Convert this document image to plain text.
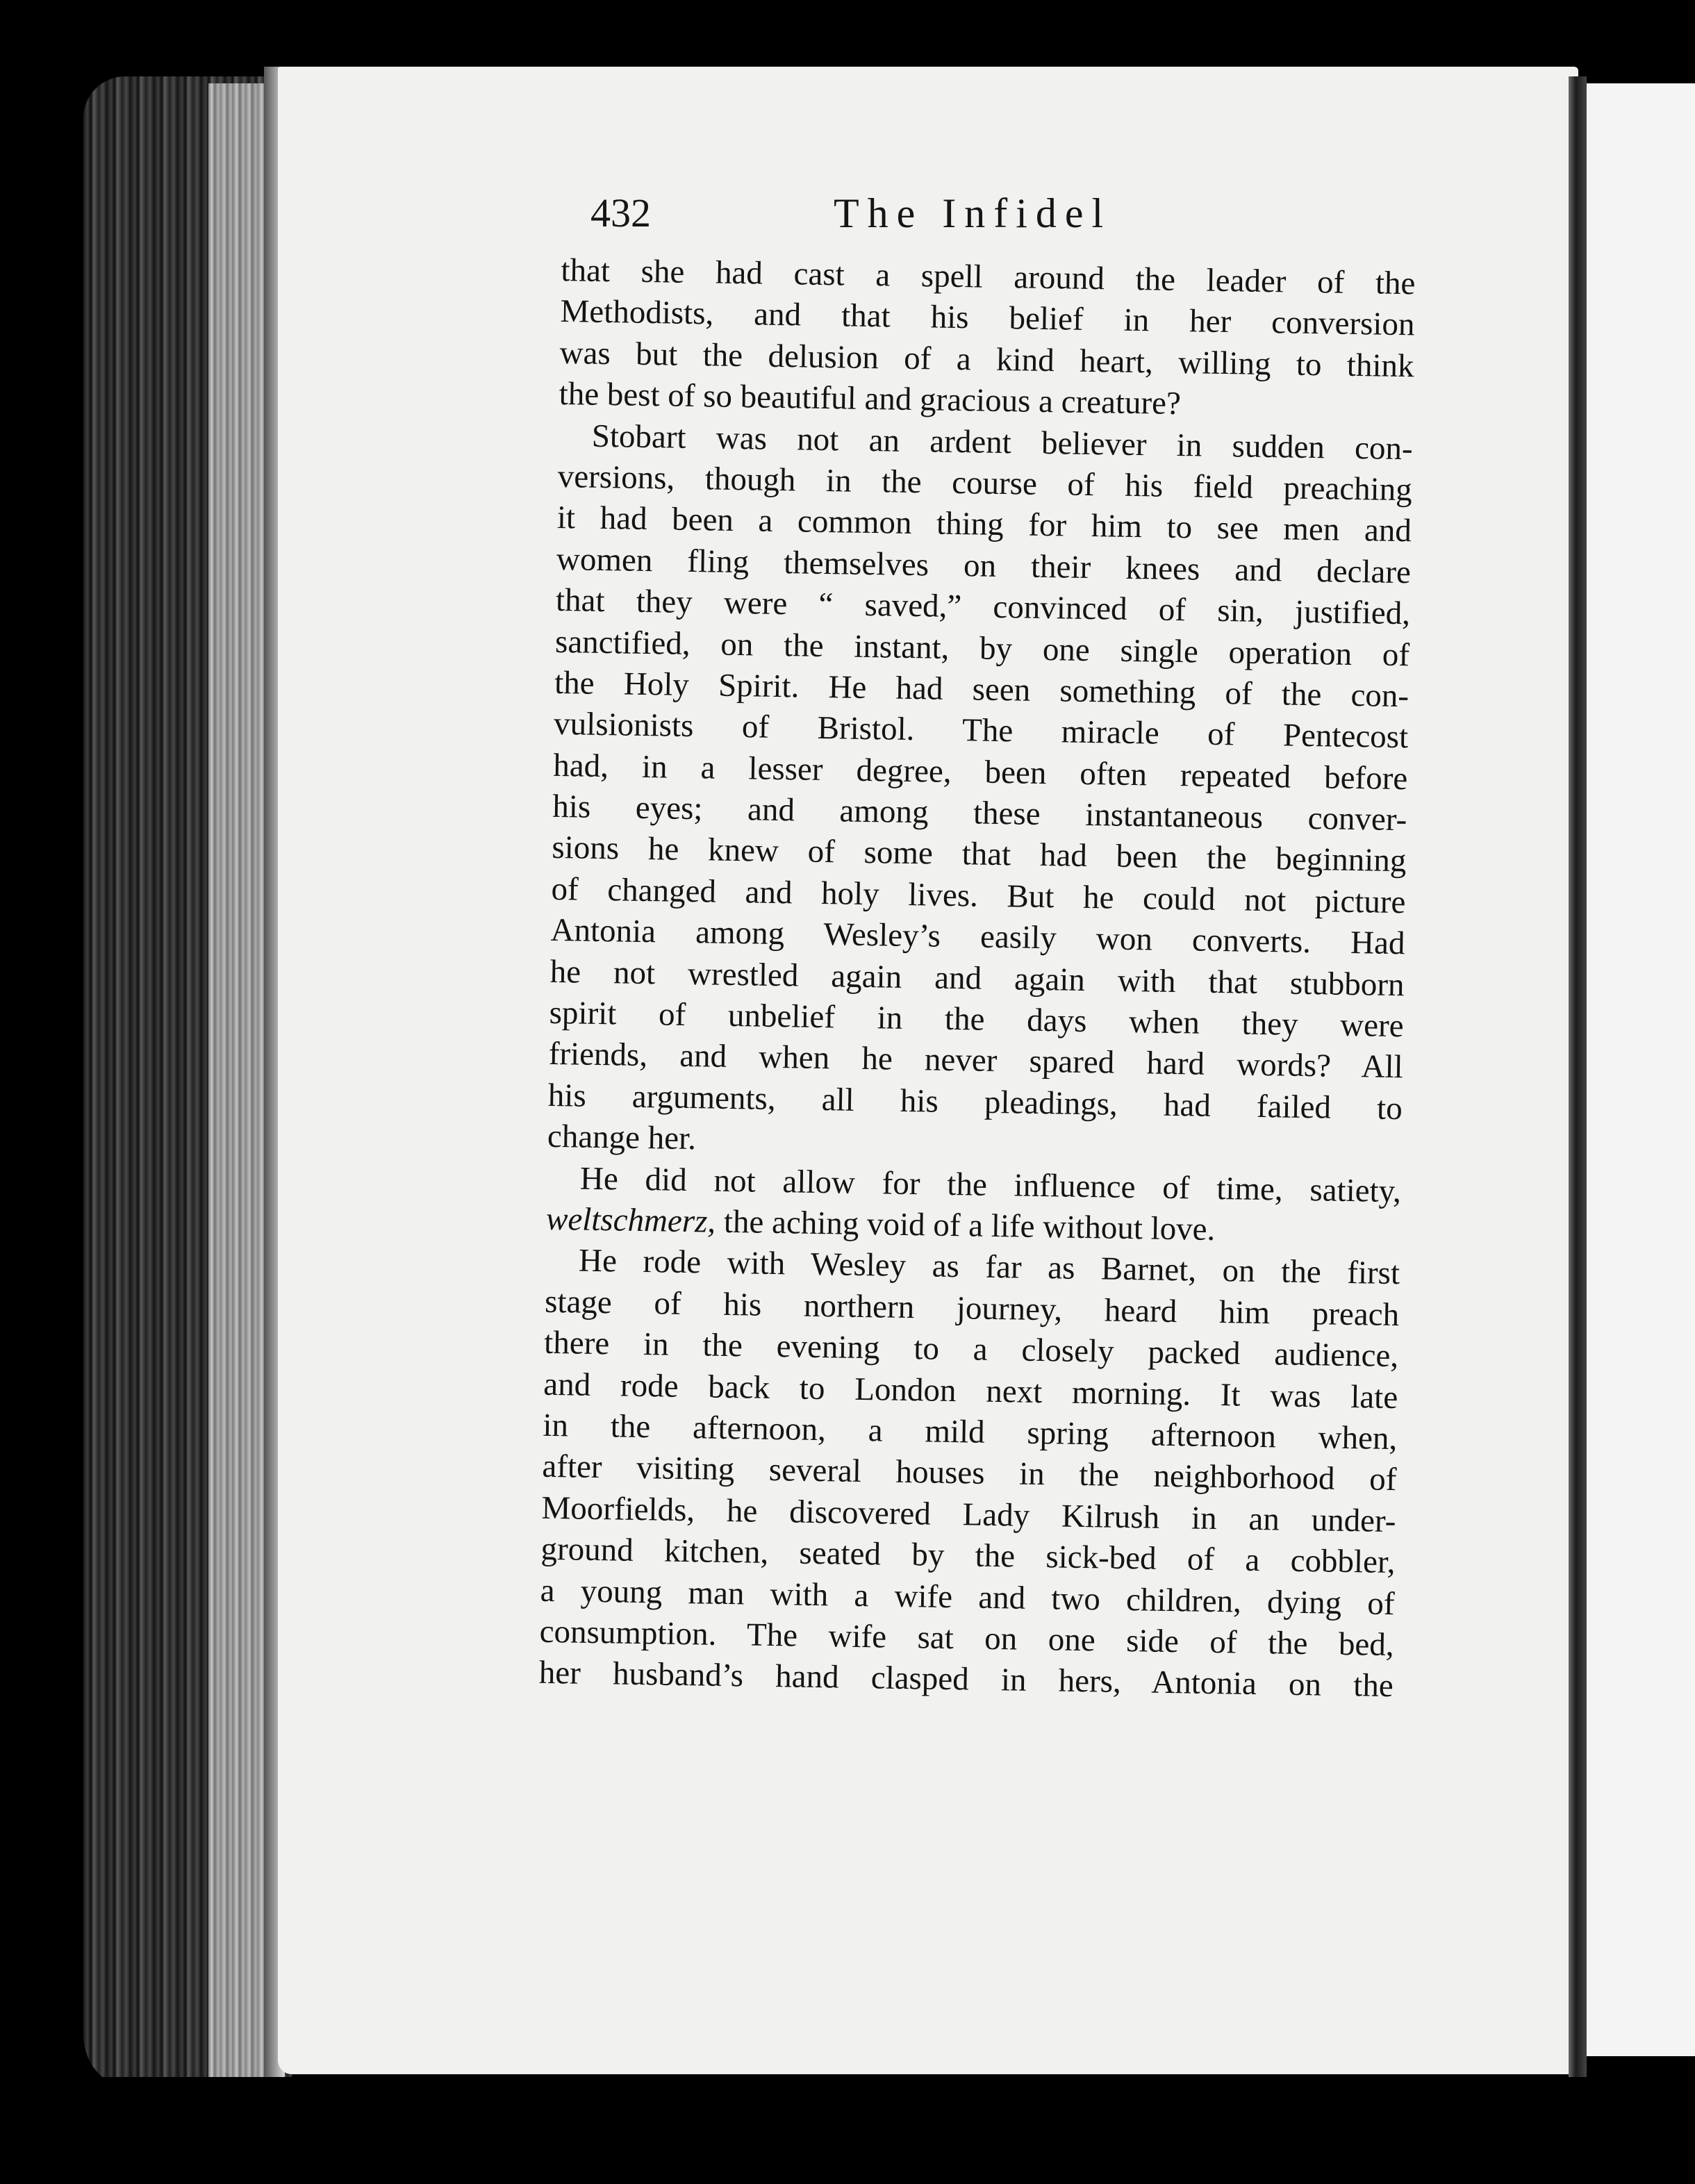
432	The Infidel
that she had cast a spell around the leader of the
Methodists, and that his belief in her conversion
was but the delusion of a kind heart, willing to think
the best of so beautiful and gracious a creature?
Stobart was not an ardent believer in sudden con-
versions, though in the course of his field preaching
it had been a common thing for him to see men and
women fling themselves on their knees and declare
that they were “ saved,” convinced of sin, justified,
sanctified, on the instant, by one single operation of
the Holy Spirit. He had seen something of the con-
vulsionists of Bristol. The miracle of Pentecost
had, in a lesser degree, been often repeated before
his eyes; and among these instantaneous conver-
sions he knew of some that had been the beginning
of changed and holy lives. But he could not picture
Antonia among Wesley’s easily won converts. Had
he not wrestled again and again with that stubborn
spirit of unbelief in the days when they were
friends, and when he never spared hard words? All
his arguments, all his pleadings, had failed to
change her.
He did not allow for the influence of time, satiety,
weltschmerz, the aching void of a life without love.
He rode with Wesley as far as Barnet, on the first
stage of his northern journey, heard him preach
there in the evening to a closely packed audience,
and rode back to London next morning. It was late
in the afternoon, a mild spring afternoon when,
after visiting several houses in the neighborhood of
Moorfields, he discovered Lady Kilrush in an under-
ground kitchen, seated by the sick-bed of a cobbler,
a young man with a wife and two children, dying of
consumption. The wife sat on one side of the bed,
her husband’s hand clasped in hers, Antonia on the
